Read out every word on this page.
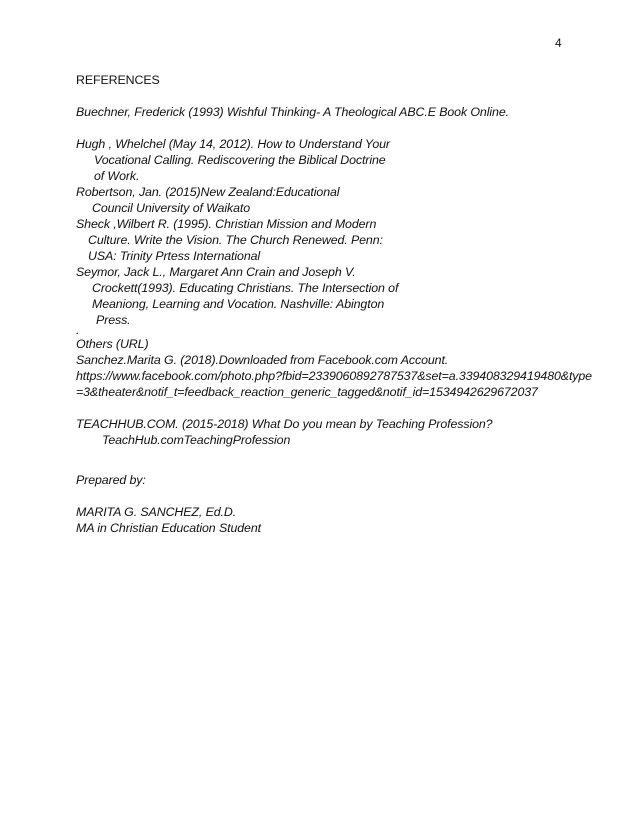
4
REFERENCES
Buechner, Frederick (1993) Wishful Thinking- A Theological ABC.E Book Online.
Hugh , Whelchel (May 14, 2012). How to Understand Your
Vocational Calling. Rediscovering the Biblical Doctrine
of Work.
Robertson, Jan. (2015)New Zealand:Educational
Council University of Waikato
Sheck ,Wilbert R. (1995). Christian Mission and Modern
Culture. Write the Vision. The Church Renewed. Penn:
USA: Trinity Prtess International
Seymor, Jack L., Margaret Ann Crain and Joseph V.
Crockett(1993). Educating Christians. The Intersection of
Meaniong, Learning and Vocation. Nashville: Abington
Press.
.
Others (URL)
Sanchez.Marita G. (2018).Downloaded from Facebook.com Account.
https://www.facebook.com/photo.php?fbid=2339060892787537&set=a.339408329419480&type
=3&theater&notif_t=feedback_reaction_generic_tagged&notif_id=1534942629672037
TEACHHUB.COM. (2015-2018) What Do you mean by Teaching Profession?
TeachHub.comTeachingProfession
Prepared by:
MARITA G. SANCHEZ, Ed.D.
MA in Christian Education Student
